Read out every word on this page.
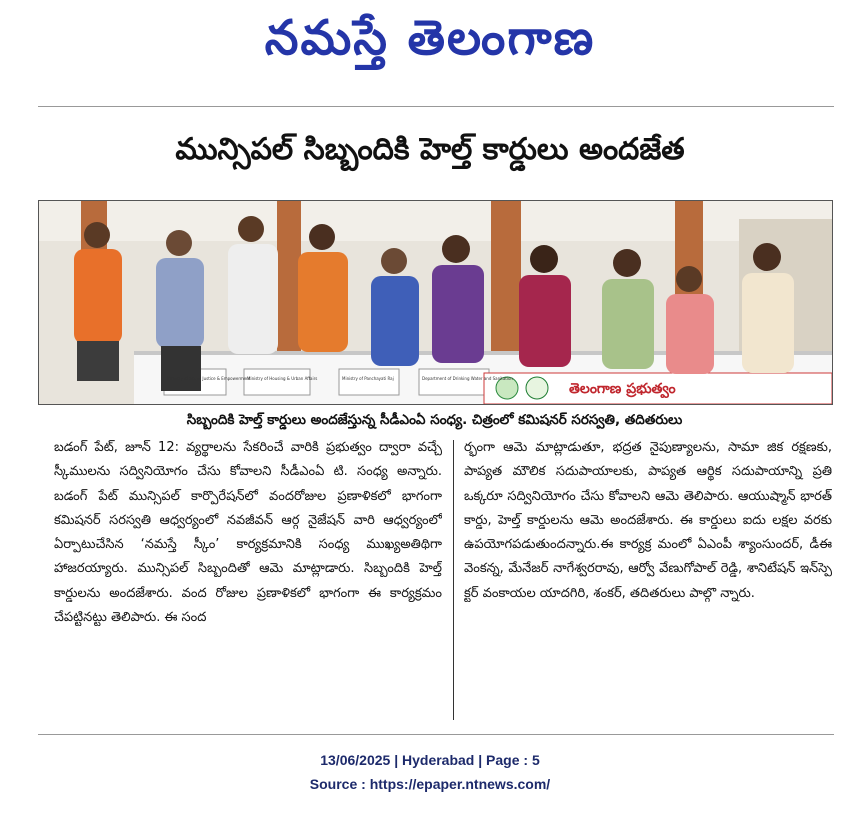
నమస్తే తెలంగాణ
మున్సిపల్ సిబ్బందికి హెల్త్ కార్డులు అందజేత
తెలంగాణ ప్రభుత్వం
Ministry of Social Justice & Empowerment
Ministry of Housing & Urban Affairs	Ministry of Panchayati Raj	Department of Drinking Water and Sanitation
సిబ్బందికి హెల్త్ కార్డులు అందజేస్తున్న సీడీఎంఏ సంధ్య. చిత్రంలో కమిషనర్ సరస్వతి, తదితరులు

బడంగ్ పేట్, జూన్ 12: వ్యర్థాలను సేకరించే వారికి ప్రభుత్వం ద్వారా వచ్చే స్కీములను సద్వినియోగం చేసు కోవాలని సీడీఎంఏ టి. సంధ్య అన్నారు. బడంగ్ పేట్ మున్సిపల్ కార్పొరేషన్‌లో వందరోజుల ప్రణాళికలో భాగంగా కమిషనర్ సరస్వతి ఆధ్వర్యంలో నవజీవన్ ఆర్గ నైజేషన్ వారి ఆధ్వర్యంలో ఏర్పాటుచేసిన ‘నమస్తే స్కీం’ కార్యక్రమానికి సంధ్య ముఖ్యఅతిథిగా హాజరయ్యారు. మున్సిపల్ సిబ్బందితో ఆమె మాట్లాడారు. సిబ్బందికి హెల్త్ కార్డులను అందజేశారు. వంద రోజుల ప్రణాళికలో భాగంగా ఈ కార్యక్రమం చేపట్టినట్టు తెలిపారు. ఈ సంద

ర్భంగా ఆమె మాట్లాడుతూ, భద్రత నైపుణ్యాలను, సామా జిక రక్షణకు, పాప్యత మౌలిక సదుపాయాలకు, పాప్యత ఆర్థిక సదుపాయాన్ని ప్రతి ఒక్కరూ సద్వినియోగం చేసు కోవాలని ఆమె తెలిపారు. ఆయుష్మాన్ భారత్ కార్డు, హెల్త్ కార్డులను ఆమె అందజేశారు. ఈ కార్డులు ఐదు లక్షల వరకు ఉపయోగపడుతుందన్నారు.ఈ కార్యక్ర మంలో ఏఎంపీ శ్యాంసుందర్, డీఈ వెంకన్న, మేనేజర్ నాగేశ్వరరావు, ఆర్వో వేణుగోపాల్ రెడ్డి, శానిటేషన్ ఇన్‌స్పె క్టర్ వంకాయల యాదగిరి, శంకర్, తదితరులు పాల్గొ న్నారు.

13/06/2025 | Hyderabad | Page : 5
Source : https://epaper.ntnews.com/
